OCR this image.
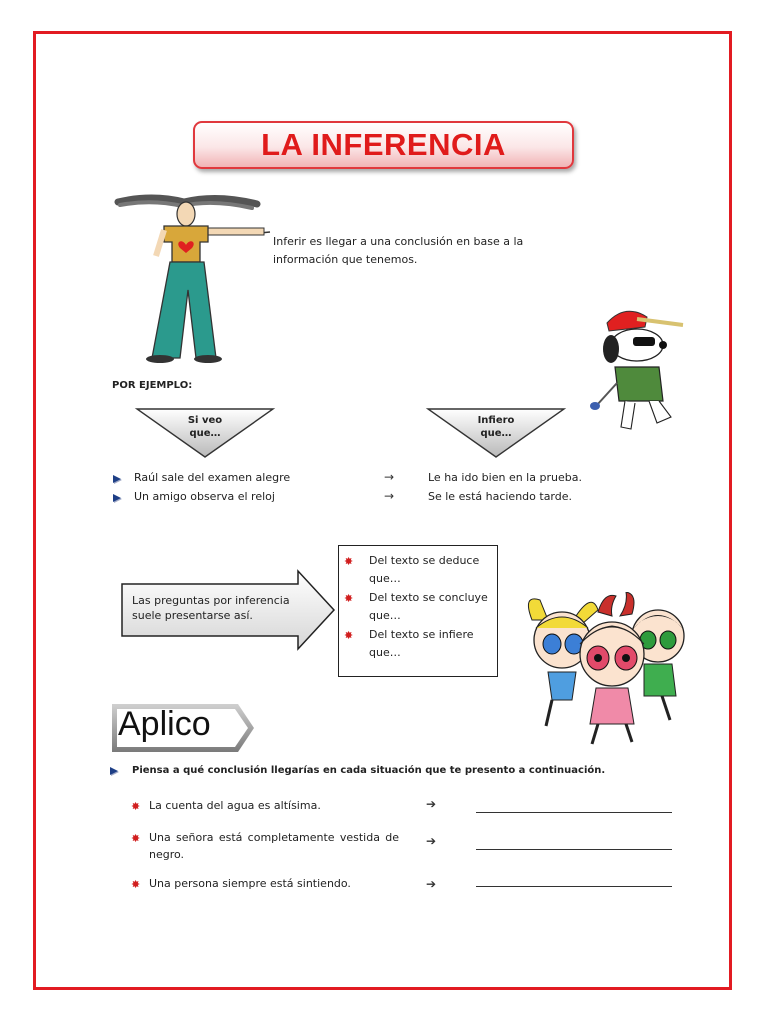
LA INFERENCIA
Inferir es llegar a una conclusión en base a la
información que tenemos.
POR EJEMPLO:
Si veo
que…
Infiero
que…
Raúl sale del examen alegre	→	Le ha ido bien en la prueba.
Un amigo observa el reloj	→	Se le está haciendo tarde.
Las preguntas por inferencia
suele presentarse así.
✸ Del texto se deduce
que…
✸ Del texto se concluye
que…
✸ Del texto se infiere
que…
Aplico
Piensa a qué conclusión llegarías en cada situación que te presento a continuación.
✸ La cuenta del agua es altísima.	➔
✸ Una señora está completamente vestida de
negro.
➔
✸ Una persona siempre está sintiendo.	➔
